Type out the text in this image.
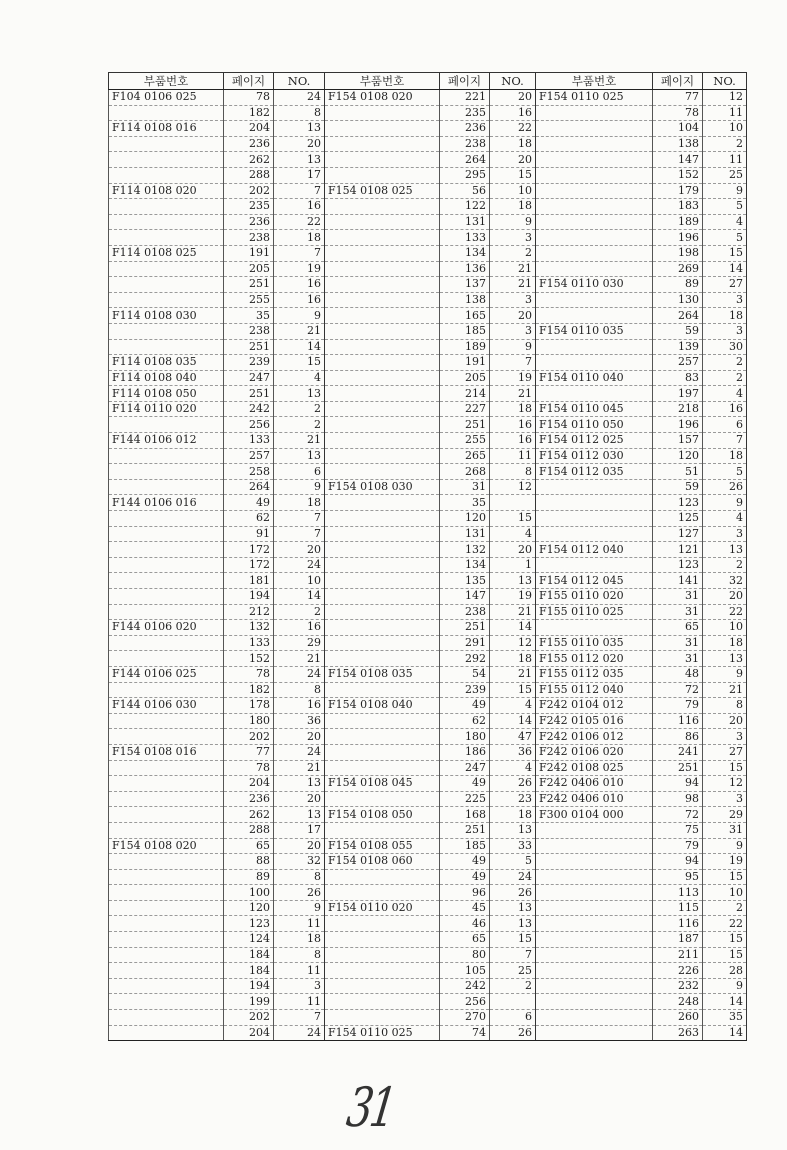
부품번호	페이지	NO.	부품번호	페이지	NO.	부품번호	페이지	NO.
F104 0106 025	78	24	F154 0108 020	221	20	F154 0110 025	77	12
	182	8		235	16		78	11
F114 0108 016	204	13		236	22		104	10
	236	20		238	18		138	2
	262	13		264	20		147	11
	288	17		295	15		152	25
F114 0108 020	202	7	F154 0108 025	56	10		179	9
	235	16		122	18		183	5
	236	22		131	9		189	4
	238	18		133	3		196	5
F114 0108 025	191	7		134	2		198	15
	205	19		136	21		269	14
	251	16		137	21	F154 0110 030	89	27
	255	16		138	3		130	3
F114 0108 030	35	9		165	20		264	18
	238	21		185	3	F154 0110 035	59	3
	251	14		189	9		139	30
F114 0108 035	239	15		191	7		257	2
F114 0108 040	247	4		205	19	F154 0110 040	83	2
F114 0108 050	251	13		214	21		197	4
F114 0110 020	242	2		227	18	F154 0110 045	218	16
	256	2		251	16	F154 0110 050	196	6
F144 0106 012	133	21		255	16	F154 0112 025	157	7
	257	13		265	11	F154 0112 030	120	18
	258	6		268	8	F154 0112 035	51	5
	264	9	F154 0108 030	31	12		59	26
F144 0106 016	49	18		35			123	9
	62	7		120	15		125	4
	91	7		131	4		127	3
	172	20		132	20	F154 0112 040	121	13
	172	24		134	1		123	2
	181	10		135	13	F154 0112 045	141	32
	194	14		147	19	F155 0110 020	31	20
	212	2		238	21	F155 0110 025	31	22
F144 0106 020	132	16		251	14		65	10
	133	29		291	12	F155 0110 035	31	18
	152	21		292	18	F155 0112 020	31	13
F144 0106 025	78	24	F154 0108 035	54	21	F155 0112 035	48	9
	182	8		239	15	F155 0112 040	72	21
F144 0106 030	178	16	F154 0108 040	49	4	F242 0104 012	79	8
	180	36		62	14	F242 0105 016	116	20
	202	20		180	47	F242 0106 012	86	3
F154 0108 016	77	24		186	36	F242 0106 020	241	27
	78	21		247	4	F242 0108 025	251	15
	204	13	F154 0108 045	49	26	F242 0406 010	94	12
	236	20		225	23	F242 0406 010	98	3
	262	13	F154 0108 050	168	18	F300 0104 000	72	29
	288	17		251	13		75	31
F154 0108 020	65	20	F154 0108 055	185	33		79	9
	88	32	F154 0108 060	49	5		94	19
	89	8		49	24		95	15
	100	26		96	26		113	10
	120	9	F154 0110 020	45	13		115	2
	123	11		46	13		116	22
	124	18		65	15		187	15
	184	8		80	7		211	15
	184	11		105	25		226	28
	194	3		242	2		232	9
	199	11		256			248	14
	202	7		270	6		260	35
	204	24	F154 0110 025	74	26		263	14
31
